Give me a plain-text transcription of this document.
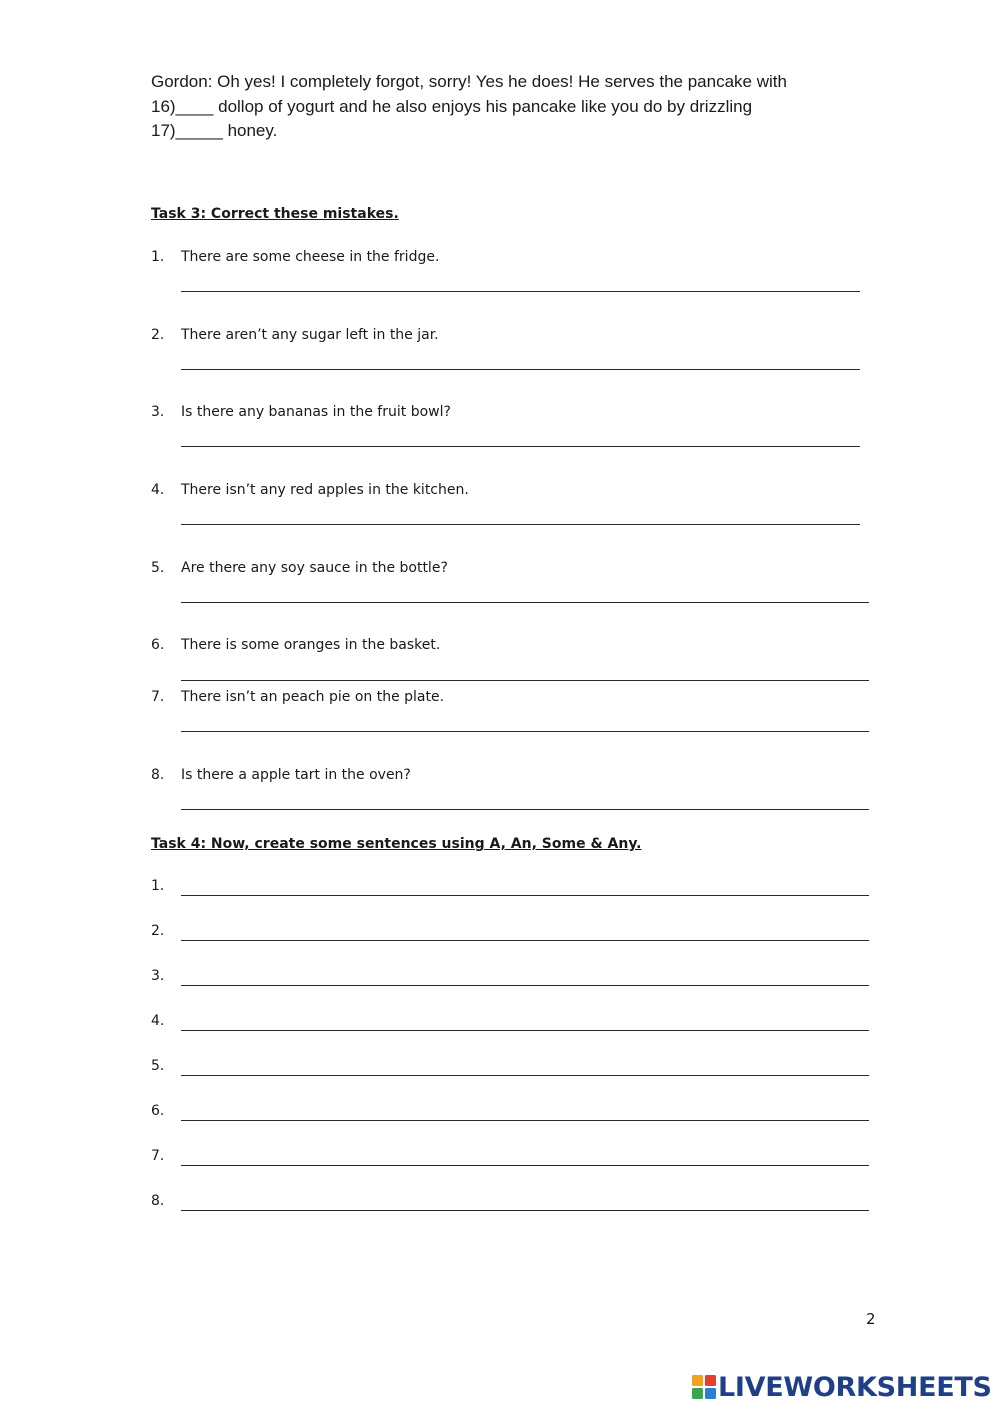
Gordon: Oh yes! I completely forgot, sorry! Yes he does! He serves the pancake with

16)____ dollop of yogurt and he also enjoys his pancake like you do by drizzling

17)_____ honey.

Task 3: Correct these mistakes.
1. There are some cheese in the fridge.
2. There aren’t any sugar left in the jar.
3. Is there any bananas in the fruit bowl?
4. There isn’t any red apples in the kitchen.
5. Are there any soy sauce in the bottle?
6. There is some oranges in the basket.
7. There isn’t an peach pie on the plate.
8. Is there a apple tart in the oven?
Task 4: Now, create some sentences using A, An, Some & Any.
1.
2.
3.
4.
5.
6.
7.
8.
2
LIVEWORKSHEETS
